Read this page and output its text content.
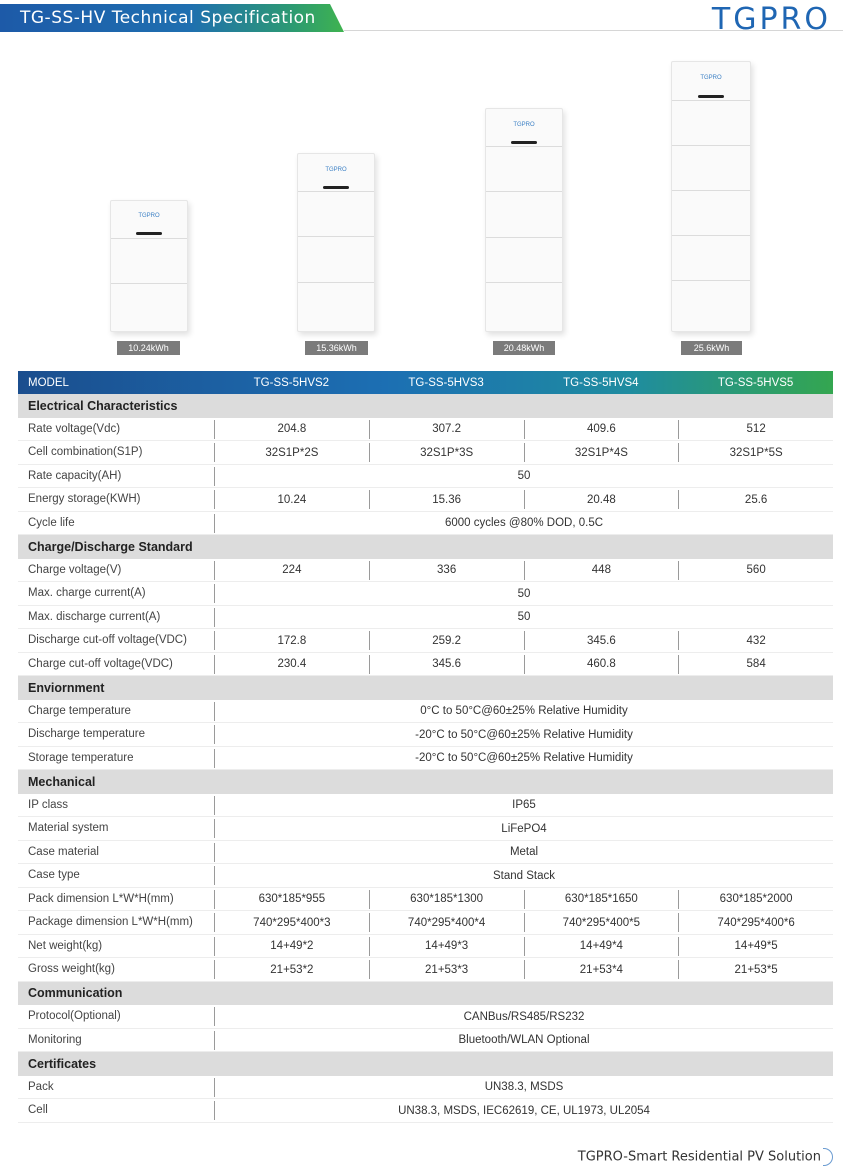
TG-SS-HV Technical Specification	TGPRO
TGPRO
10.24kWh
TGPRO
15.36kWh
TGPRO
20.48kWh
TGPRO
25.6kWh
MODEL	TG-SS-5HVS2	TG-SS-5HVS3	TG-SS-5HVS4	TG-SS-5HVS5
Electrical Characteristics
Rate voltage(Vdc)	204.8	307.2	409.6	512
Cell combination(S1P)	32S1P*2S	32S1P*3S	32S1P*4S	32S1P*5S
Rate capacity(AH)	50
Energy storage(KWH)	10.24	15.36	20.48	25.6
Cycle life	6000 cycles @80% DOD, 0.5C
Charge/Discharge Standard
Charge voltage(V)	224	336	448	560
Max. charge current(A)	50
Max. discharge current(A)	50
Discharge cut-off voltage(VDC)	172.8	259.2	345.6	432
Charge cut-off voltage(VDC)	230.4	345.6	460.8	584
Enviornment
Charge temperature	0°C to 50°C@60±25% Relative Humidity
Discharge temperature	-20°C to 50°C@60±25% Relative Humidity
Storage temperature	-20°C to 50°C@60±25% Relative Humidity
Mechanical
IP class	IP65
Material system	LiFePO4
Case material	Metal
Case type	Stand Stack
Pack dimension L*W*H(mm)	630*185*955	630*185*1300	630*185*1650	630*185*2000
Package dimension L*W*H(mm)	740*295*400*3	740*295*400*4	740*295*400*5	740*295*400*6
Net weight(kg)	14+49*2	14+49*3	14+49*4	14+49*5
Gross weight(kg)	21+53*2	21+53*3	21+53*4	21+53*5
Communication
Protocol(Optional)	CANBus/RS485/RS232
Monitoring	Bluetooth/WLAN Optional
Certificates
Pack	UN38.3, MSDS
Cell	UN38.3, MSDS, IEC62619, CE, UL1973, UL2054
TGPRO-Smart Residential PV Solution
